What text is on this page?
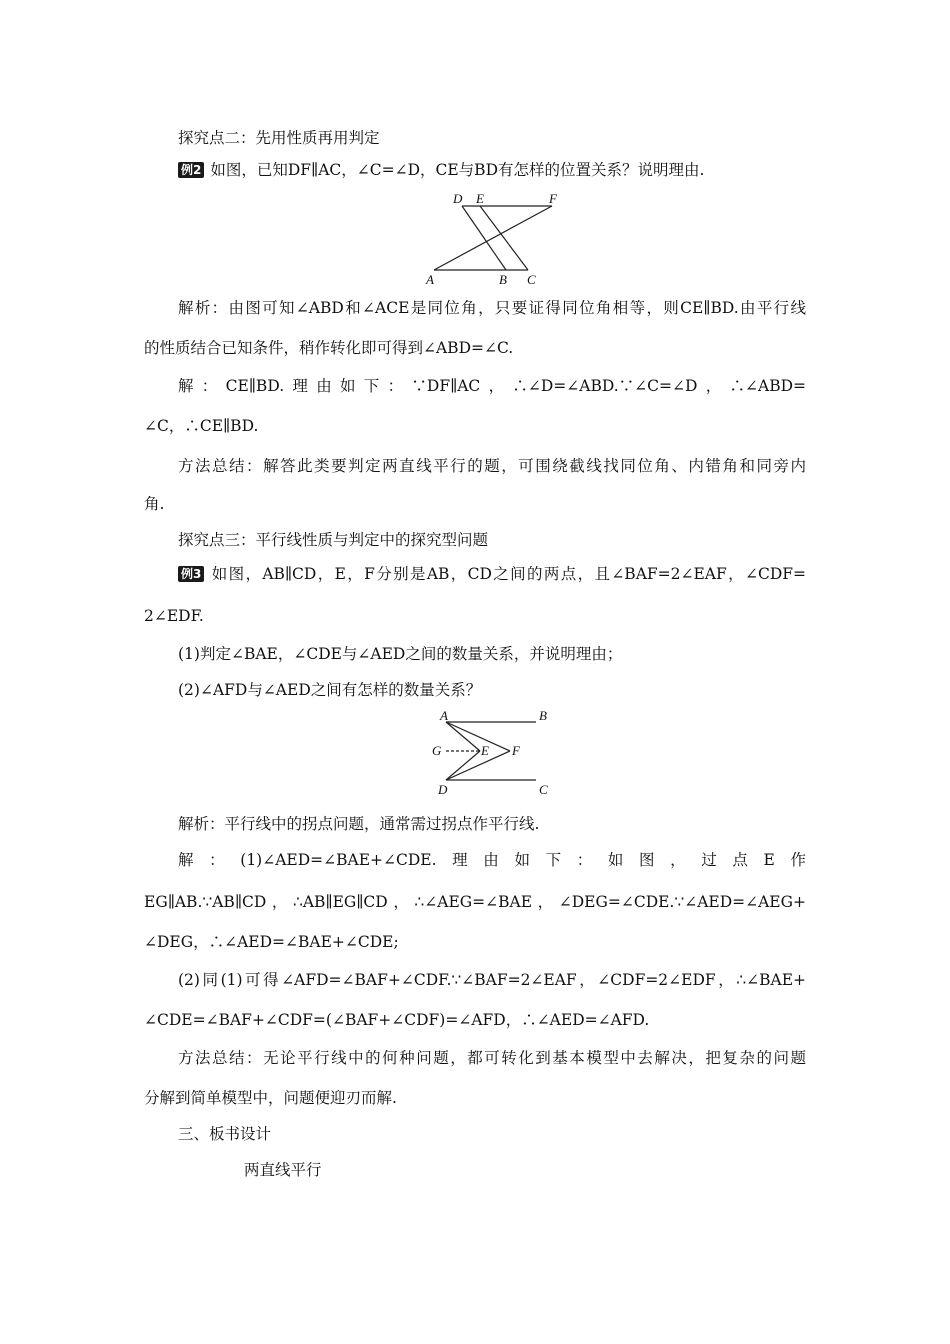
探究点二：先用性质再用判定
例2 如图，已知DF∥AC，∠C=∠D，CE与BD有怎样的位置关系？说明理由.
D E	F
A	B C
解析：由图可知∠ABD和∠ACE是同位角，只要证得同位角相等，则CE∥BD.由平行线
的性质结合已知条件，稍作转化即可得到∠ABD=∠C.
解：CE∥BD.理由如下：∵DF∥AC，∴∠D=∠ABD.∵∠C=∠D，∴∠ABD=
∠C，∴CE∥BD.
方法总结：解答此类要判定两直线平行的题，可围绕截线找同位角、内错角和同旁内
角.
探究点三：平行线性质与判定中的探究型问题
例3 如图，AB∥CD，E，F分别是AB，CD之间的两点，且∠BAF=2∠EAF，∠CDF=
2∠EDF.
(1)判定∠BAE，∠CDE与∠AED之间的数量关系，并说明理由；
(2)∠AFD与∠AED之间有怎样的数量关系？
A	B
G	E F
D	C
解析：平行线中的拐点问题，通常需过拐点作平行线.
解：(1)∠AED=∠BAE+∠CDE.理由如下：如图，过点E作
EG∥AB.∵AB∥CD，∴AB∥EG∥CD，∴∠AEG=∠BAE，∠DEG=∠CDE.∵∠AED=∠AEG+
∠DEG，∴∠AED=∠BAE+∠CDE;
(2)同(1)可得∠AFD=∠BAF+∠CDF.∵∠BAF=2∠EAF，∠CDF=2∠EDF，∴∠BAE+
∠CDE=∠BAF+∠CDF=(∠BAF+∠CDF)=∠AFD，∴∠AED=∠AFD.
方法总结：无论平行线中的何种问题，都可转化到基本模型中去解决，把复杂的问题
分解到简单模型中，问题便迎刃而解.
三、板书设计
两直线平行
